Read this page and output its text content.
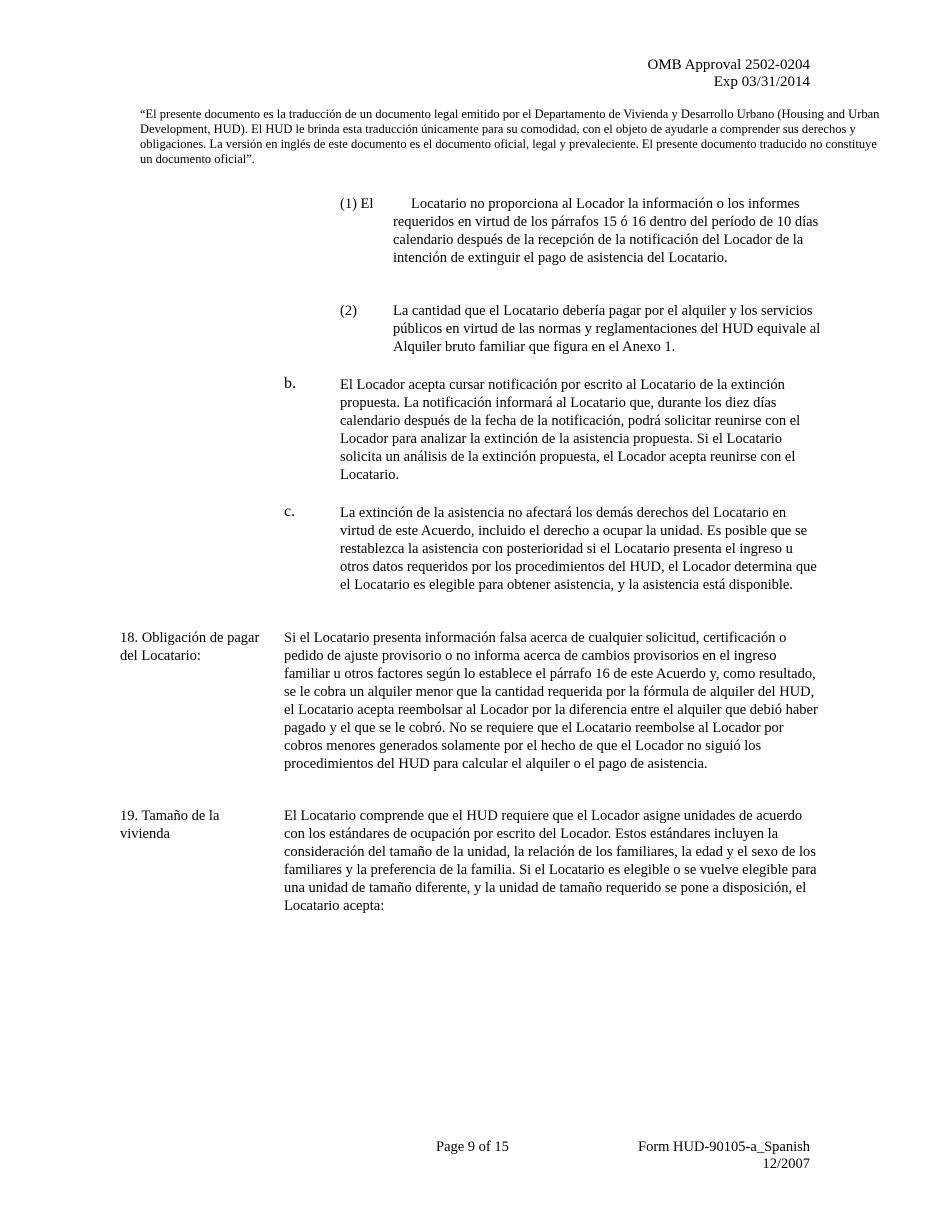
OMB Approval 2502-0204
Exp 03/31/2014

“El presente documento es la traducción de un documento legal emitido por el Departamento de Vivienda y Desarrollo Urbano (Housing and Urban Development, HUD). El HUD le brinda esta traducción únicamente para su comodidad, con el objeto de ayudarle a comprender sus derechos y obligaciones. La versión en inglés de este documento es el documento oficial, legal y prevaleciente. El presente documento traducido no constituye un documento oficial”.

(1) El	Locatario no proporciona al Locador la información o los informes requeridos en virtud de los párrafos 15 ó 16 dentro del período de 10 días calendario después de la recepción de la notificación del Locador de la intención de extinguir el pago de asistencia del Locatario.

(2) La cantidad que el Locatario debería pagar por el alquiler y los servicios públicos en virtud de las normas y reglamentaciones del HUD equivale al Alquiler bruto familiar que figura en el Anexo 1.

b.	El Locador acepta cursar notificación por escrito al Locatario de la extinción propuesta. La notificación informará al Locatario que, durante los diez días calendario después de la fecha de la notificación, podrá solicitar reunirse con el Locador para analizar la extinción de la asistencia propuesta. Si el Locatario solicita un análisis de la extinción propuesta, el Locador acepta reunirse con el Locatario.

c.	La extinción de la asistencia no afectará los demás derechos del Locatario en virtud de este Acuerdo, incluido el derecho a ocupar la unidad. Es posible que se restablezca la asistencia con posterioridad si el Locatario presenta el ingreso u otros datos requeridos por los procedimientos del HUD, el Locador determina que el Locatario es elegible para obtener asistencia, y la asistencia está disponible.

18. Obligación de pagar del Locatario:

Si el Locatario presenta información falsa acerca de cualquier solicitud, certificación o pedido de ajuste provisorio o no informa acerca de cambios provisorios en el ingreso familiar u otros factores según lo establece el párrafo 16 de este Acuerdo y, como resultado, se le cobra un alquiler menor que la cantidad requerida por la fórmula de alquiler del HUD, el Locatario acepta reembolsar al Locador por la diferencia entre el alquiler que debió haber pagado y el que se le cobró. No se requiere que el Locatario reembolse al Locador por cobros menores generados solamente por el hecho de que el Locador no siguió los procedimientos del HUD para calcular el alquiler o el pago de asistencia.

19. Tamaño de la vivienda

El Locatario comprende que el HUD requiere que el Locador asigne unidades de acuerdo con los estándares de ocupación por escrito del Locador. Estos estándares incluyen la consideración del tamaño de la unidad, la relación de los familiares, la edad y el sexo de los familiares y la preferencia de la familia. Si el Locatario es elegible o se vuelve elegible para una unidad de tamaño diferente, y la unidad de tamaño requerido se pone a disposición, el Locatario acepta:

Page 9 of 15	Form HUD-90105-a_Spanish
12/2007
